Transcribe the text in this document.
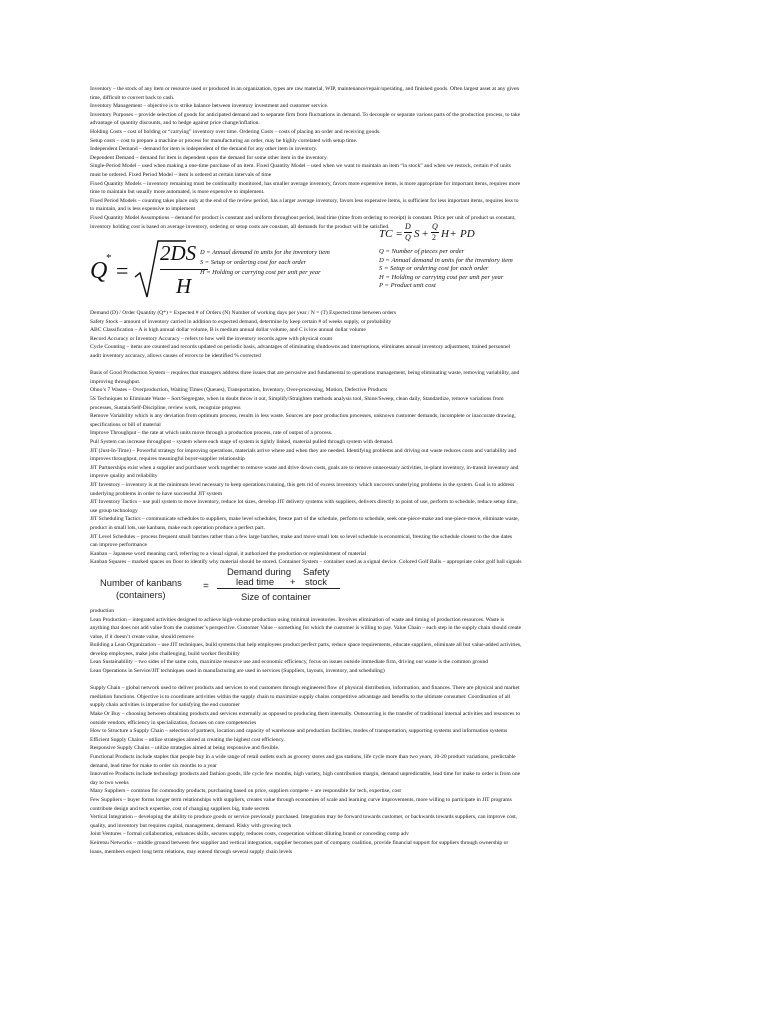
Inventory – the stock of any item or resource used or produced in an organization, types are raw material, WIP, maintenance/repair/operating, and finished goods. Often largest asset at any given

time, difficult to convert back to cash.

Inventory Management – objective is to strike balance between inventory investment and customer service.

Inventory Purposes – provide selection of goods for anticipated demand and to separate firm from fluctuations in demand. To decouple or separate various parts of the production process, to take

advantage of quantity discounts, and to hedge against price change/inflation.

Holding Costs – cost of holding or “carrying” inventory over time. Ordering Costs – costs of placing an order and receiving goods.

Setup costs – cost to prepare a machine or process for manufacturing an order, may be highly correlated with setup time.

Independent Demand – demand for item is independent of the demand for any other item in inventory.

Dependent Demand – demand for item is dependent upon the demand for some other item in the inventory.

Single-Period Model – used when making a one-time purchase of an item. Fixed Quantity Model – used when we want to maintain an item “in stock” and when we restock, certain # of units

must be ordered. Fixed Period Model – item is ordered at certain intervals of time

Fixed Quantity Models – inventory remaining must be continually monitored, has smaller average inventory, favors more expensive items, is more appropriate for important items, requires more

time to maintain but usually more automated, is more expensive to implement.

Fixed Period Models – counting takes place only at the end of the review period, has a larger average inventory, favors less expensive items, is sufficient for less important items, requires less to

to maintain, and is less expensive to implement

Fixed Quantity Model Assumptions – demand for product is constant and uniform throughout period, lead time (time from ordering to receipt) is constant. Price per unit of product us constant,

inventory holding cost is based on average inventory, ordering or setup costs are constant, all demands for the product will be satisfied.

Q
* =
2DS
H
D = Annual demand in units for the inventory item
S = Setup or ordering cost for each order
H = Holding or carrying cost per unit per year
TC =
D
Q S +
Q
2 H + PD
Q = Number of pieces per order
D = Annual demand in units for the inventory item
S = Setup or ordering cost for each order
H = Holding or carrying cost per unit per year
P = Product unit cost

Demand (D) / Order Quantity (Q*) = Expected # of Orders (N) Number of working days per year / N = (T) Expected time between orders

Safety Stock – amount of inventory carried in addition to expected demand, determine by keep certain # of weeks supply, or probability

ABC Classification – A is high annual dollar volume, B is medium annual dollar volume, and C is low annual dollar volume

Record Accuracy or Inventory Accuracy – refers to how well the inventory records agree with physical count

Cycle Counting – items are counted and records updated on periodic basis, advantages of eliminating shutdowns and interruptions, eliminates annual inventory adjustment, trained personnel

audit inventory accuracy, allows causes of errors to be identified % corrected

Basis of Good Production System – requires that managers address three issues that are pervasive and fundamental to operations management, being eliminating waste, removing variability, and

improving throughput.

Ohno’s 7 Wastes – Overproduction, Waiting Times (Queues), Transportation, Inventory, Over-processing, Motion, Defective Products

5S Techniques to Eliminate Waste – Sort/Segregate, when in doubt throw it out, Simplify/Straighten methods analysis tool, Shine/Sweep, clean daily, Standardize, remove variations from

processes, Sustain/Self-Discipline, review work, recognize progress

Remove Variability which is any deviation from optimum process, results in less waste. Sources are poor production processes, unknown customer demands, incomplete or inaccurate drawing,

specifications or bill of material

Improve Throughput – the rate at which units move through a production process, rate of output of a process.

Pull System can increase throughput – system where each stage of system is tightly linked, material pulled through system with demand.

JIT (Just-In-Time) – Powerful strategy for improving operations, materials arrive where and when they are needed. Identifying problems and driving out waste reduces costs and variability and

improves throughput, requires meaningful buyer-supplier relationship

JIT Partnerships exist when a supplier and purchaser work together to remove waste and drive down costs, goals are to remove unnecessary activities, in-plant inventory, in-transit inventory and

improve quality and reliability

JIT Inventory – inventory is at the minimum level necessary to keep operations running, this gets rid of excess inventory which uncovers underlying problems in the system. Goal is to address

underlying problems in order to have successful JIT system

JIT Inventory Tactics – use pull system to move inventory, reduce lot sizes, develop JIT delivery systems with suppliers, delivers directly to point of use, perform to schedule, reduce setup time,

use group technology

JIT Scheduling Tactics – communicate schedules to suppliers, make level schedules, freeze part of the schedule, perform to schedule, seek one-piece-make and one-piece-move, eliminate waste,

product in small lots, use kanbans, make each operation produce a perfect part.

JIT Level Schedules – process frequent small batches rather than a few large batches, make and move small lots so level schedule is economical, freezing the schedule closest to the due dates

can improve performance

Kanban – Japanese word meaning card, referring to a visual signal, it authorized the production or replenishment of material

Kanban Squares – marked spaces on floor to identify why material should be stored. Container System – container used as a signal device. Colored Golf Balls – appropriate color golf ball signals

Number of kanbans
(containers)
=
Demand during
lead time +
Safety
stock
Size of container

production

Lean Production – integrated activities designed to achieve high-volume production using minimal inventories. Involves elimination of waste and timing of production resources. Waste is

anything that does not add value from the customer’s perspective. Customer Value – something for which the customer is willing to pay. Value Chain – each step in the supply chain should create

value, if it doesn’t create value, should remove

Building a Lean Organization – use JIT techniques, build systems that help employees product perfect parts, reduce space requirements, educate suppliers, eliminate all but value-added activities,

develop employees, make jobs challenging, build worker flexibility

Lean Sustainability – two sides of the same coin, maximize resource use and economic efficiency, focus on issues outside immediate firm, driving out waste is the common ground

Lean Operations in Service/JIT techniques used in manufacturing are used in services (Suppliers, layouts, inventory, and scheduling)

Supply Chain – global network used to deliver products and services to end customers through engineered flow of physical distribution, information, and finances. There are physical and market

mediation functions. Objective is to coordinate activities within the supply chain to maximize supply chains competitive advantage and benefits to the ultimate consumer. Coordination of all

supply chain activities is imperative for satisfying the end customer

Make Or Buy – choosing between obtaining products and services externally as opposed to producing them internally. Outsourcing is the transfer of traditional internal activities and resources to

outside vendors, efficiency in specialization, focuses on core competencies

How to Structure a Supply Chain – selection of partners, location and capacity of warehouse and production facilities, modes of transportation, supporting systems and information systems

Efficient Supply Chains – utilize strategies aimed at creating the highest cost efficiency.

Responsive Supply Chains – utilize strategies aimed at being responsive and flexible.

Functional Products include staples that people buy in a wide range of retail outlets such as grocery stores and gas stations, life cycle more than two years, 10-20 product variations, predictable

demand, lead time for make to order six months to a year

Innovative Products include technology products and fashion goods, life cycle few months, high variety, high contribution margin, demand unpredictable, lead time for make to order is from one

day to two weeks

Many Suppliers – common for commodity products, purchasing based on price, suppliers compete + are responsible for tech, expertise, cost

Few Suppliers – buyer forms longer term relationships with suppliers, creates value through economies of scale and learning curve improvements, more willing to participate in JIT programs

contribute design and tech expertise, cost of changing suppliers big, trade secrets

Vertical Integration – developing the ability to produce goods or service previously purchased. Integration may be forward towards customer, or backwards towards suppliers, can improve cost,

quality, and inventory but requires capital, management, demand. Risky with growing tech

Joint Ventures – formal collaboration, enhances skills, secures supply, reduces costs, cooperation without diluting brand or conceding comp adv

Keiretsu Networks – middle ground between few supplier and vertical integration, supplier becomes part of company coalition, provide financial support for suppliers through ownership or

loans, members expect long term relations, may entend through several supply chain levels
